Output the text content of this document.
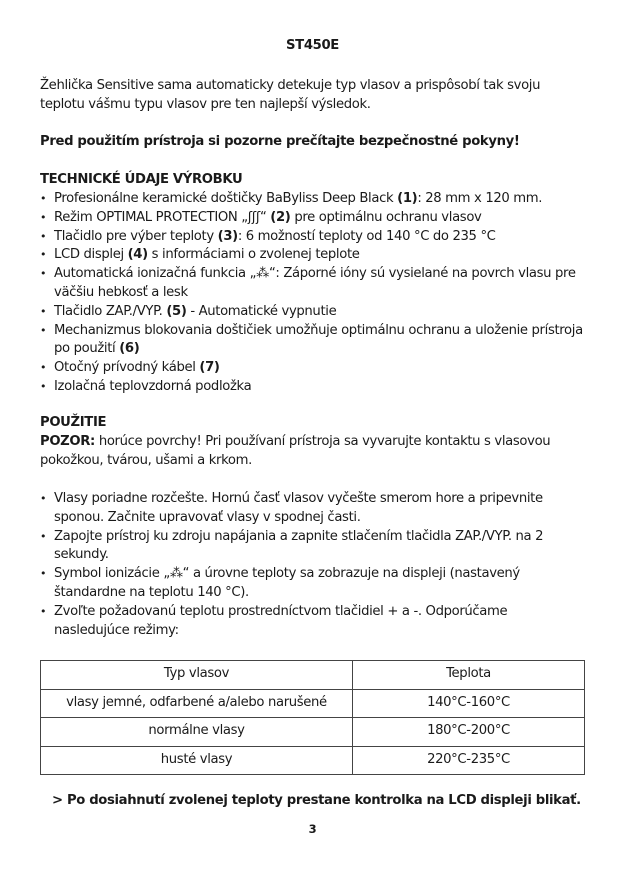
ST450E
Žehlička Sensitive sama automaticky detekuje typ vlasov a prispôsobí tak svoju teplotu vášmu typu vlasov pre ten najlepší výsledok.
Pred použitím prístroja si pozorne prečítajte bezpečnostné pokyny!
TECHNICKÉ ÚDAJE VÝROBKU
• Profesionálne keramické doštičky BaByliss Deep Black (1): 28 mm x 120 mm.
• Režim OPTIMAL PROTECTION „ʃʃʃ“ (2) pre optimálnu ochranu vlasov
• Tlačidlo pre výber teploty (3): 6 možností teploty od 140 °C do 235 °C
• LCD displej (4) s informáciami o zvolenej teplote
• Automatická ionizačná funkcia „⁂“: Záporné ióny sú vysielané na povrch vlasu pre väčšiu hebkosť a lesk
• Tlačidlo ZAP./VYP. (5) - Automatické vypnutie
• Mechanizmus blokovania doštičiek umožňuje optimálnu ochranu a uloženie prístroja po použití (6)
• Otočný prívodný kábel (7)
• Izolačná teplovzdorná podložka
POUŽITIE
POZOR: horúce povrchy! Pri používaní prístroja sa vyvarujte kontaktu s vlasovou pokožkou, tvárou, ušami a krkom.
• Vlasy poriadne rozčešte. Hornú časť vlasov vyčešte smerom hore a pripevnite sponou. Začnite upravovať vlasy v spodnej časti.
• Zapojte prístroj ku zdroju napájania a zapnite stlačením tlačidla ZAP./VYP. na 2 sekundy.
• Symbol ionizácie „⁂“ a úrovne teploty sa zobrazuje na displeji (nastavený štandardne na teplotu 140 °C).
• Zvoľte požadovanú teplotu prostredníctvom tlačidiel + a -. Odporúčame nasledujúce režimy:
Typ vlasov	Teplota
vlasy jemné, odfarbené a/alebo narušené	140°C-160°C
normálne vlasy	180°C-200°C
husté vlasy	220°C-235°C
> Po dosiahnutí zvolenej teploty prestane kontrolka na LCD displeji blikať.
3
